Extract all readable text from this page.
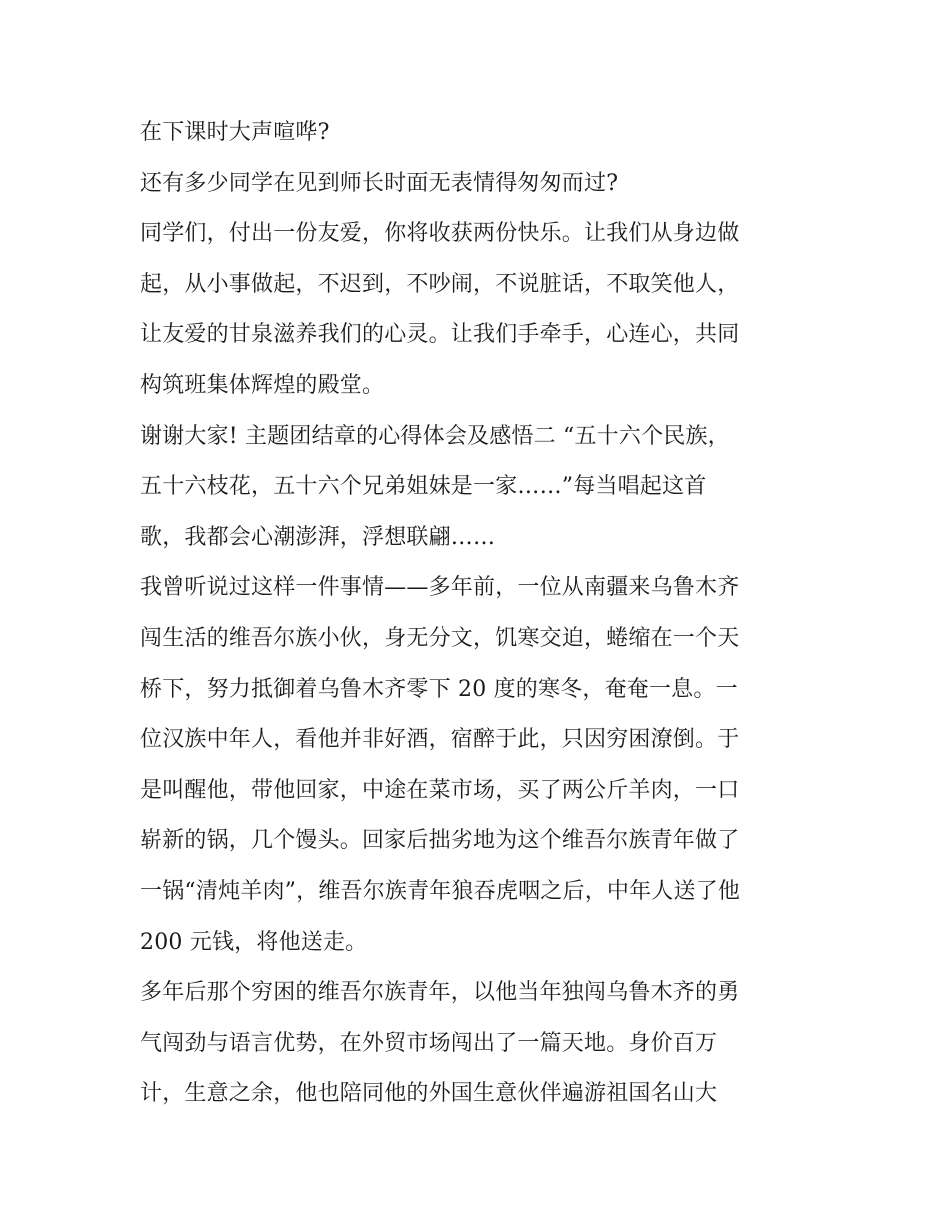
在下课时大声喧哗?
还有多少同学在见到师长时面无表情得匆匆而过?
同学们，付出一份友爱，你将收获两份快乐。让我们从身边做
起，从小事做起，不迟到，不吵闹，不说脏话，不取笑他人，
让友爱的甘泉滋养我们的心灵。让我们手牵手，心连心，共同
构筑班集体辉煌的殿堂。
谢谢大家! 主题团结章的心得体会及感悟二 “五十六个民族，
五十六枝花，五十六个兄弟姐妹是一家……”每当唱起这首
歌，我都会心潮澎湃，浮想联翩……
我曾听说过这样一件事情——多年前，一位从南疆来乌鲁木齐
闯生活的维吾尔族小伙，身无分文，饥寒交迫，蜷缩在一个天
桥下，努力抵御着乌鲁木齐零下 20 度的寒冬，奄奄一息。一
位汉族中年人，看他并非好酒，宿醉于此，只因穷困潦倒。于
是叫醒他，带他回家，中途在菜市场，买了两公斤羊肉，一口
崭新的锅，几个馒头。回家后拙劣地为这个维吾尔族青年做了
一锅“清炖羊肉”，维吾尔族青年狼吞虎咽之后，中年人送了他
200 元钱，将他送走。
多年后那个穷困的维吾尔族青年，以他当年独闯乌鲁木齐的勇
气闯劲与语言优势，在外贸市场闯出了一篇天地。身价百万
计，生意之余，他也陪同他的外国生意伙伴遍游祖国名山大
